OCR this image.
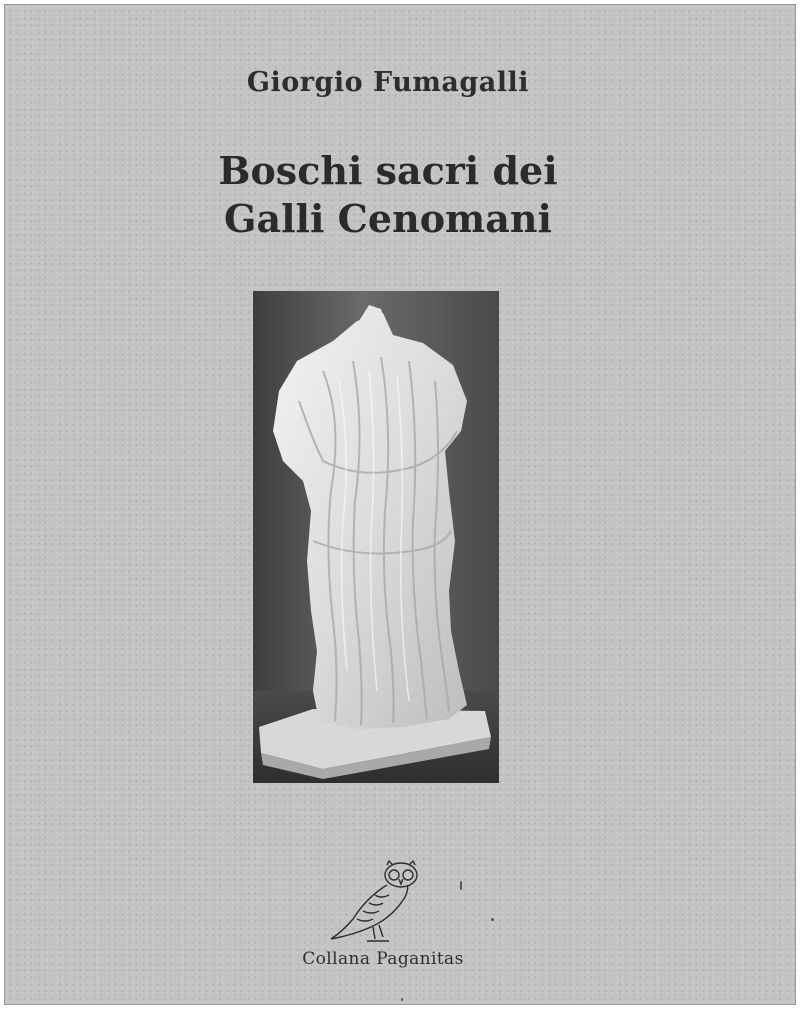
Giorgio Fumagalli
Boschi sacri dei
Galli Cenomani
Collana Paganitas
